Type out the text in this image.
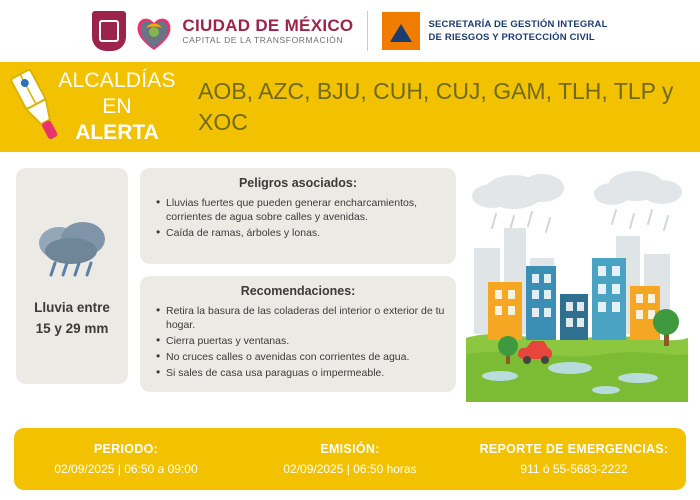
CIUDAD DE MÉXICO
CAPITAL DE LA TRANSFORMACIÓN
SECRETARÍA DE GESTIÓN INTEGRAL
DE RIESGOS Y PROTECCIÓN CIVIL
ALCALDÍAS EN
ALERTA
AOB, AZC, BJU, CUH, CUJ, GAM, TLH, TLP y XOC
Lluvia entre
15 y 29 mm
Peligros asociados:
• Lluvias fuertes que pueden generar encharcamientos, corrientes de agua sobre calles y avenidas.
• Caída de ramas, árboles y lonas.
Recomendaciones:
• Retira la basura de las coladeras del interior o exterior de tu hogar.
• Cierra puertas y ventanas.
• No cruces calles o avenidas con corrientes de agua.
• Si sales de casa usa paraguas o impermeable.
PERIODO:
02/09/2025 | 06:50 a 09:00
EMISIÓN:
02/09/2025 | 06:50 horas
REPORTE DE EMERGENCIAS:
911 ó 55-5683-2222
